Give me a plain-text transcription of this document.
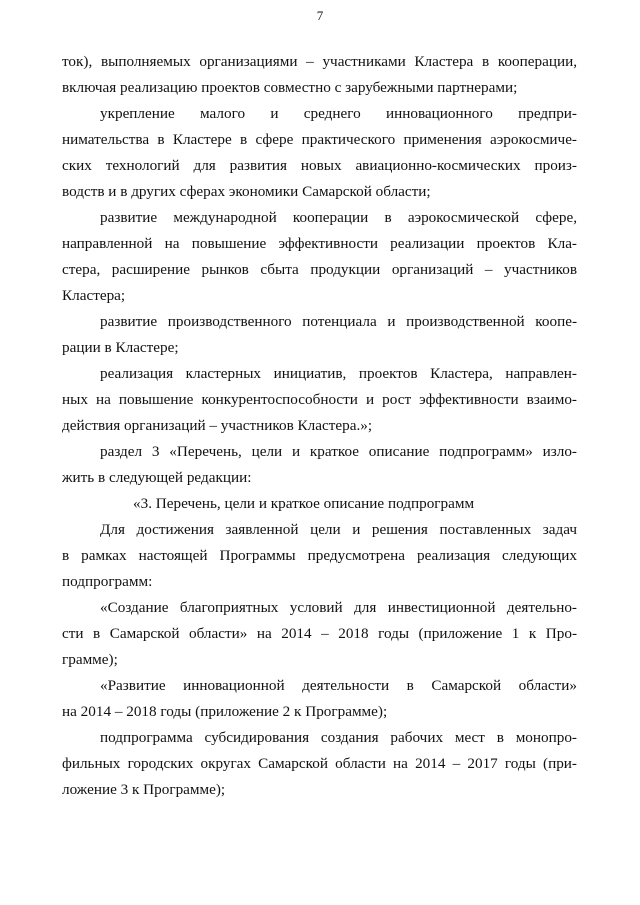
7

ток), выполняемых организациями – участниками Кластера в кооперации,
включая реализацию проектов совместно с зарубежными партнерами;

укрепление малого и среднего инновационного предпри-
нимательства в Кластере в сфере практического применения аэрокосмиче-
ских технологий для развития новых авиационно-космических произ-
водств и в других сферах экономики Самарской области;

развитие международной кооперации в аэрокосмической сфере,
направленной на повышение эффективности реализации проектов Кла-
стера, расширение рынков сбыта продукции организаций – участников
Кластера;

развитие производственного потенциала и производственной коопе-
рации в Кластере;

реализация кластерных инициатив, проектов Кластера, направлен-
ных на повышение конкурентоспособности и рост эффективности взаимо-
действия организаций – участников Кластера.»;

раздел 3 «Перечень, цели и краткое описание подпрограмм» изло-
жить в следующей редакции:

«3. Перечень, цели и краткое описание подпрограмм

Для достижения заявленной цели и решения поставленных задач
в рамках настоящей Программы предусмотрена реализация следующих
подпрограмм:

«Создание благоприятных условий для инвестиционной деятельно-
сти в Самарской области» на 2014 – 2018 годы (приложение 1 к Про-
грамме);

«Развитие инновационной деятельности в Самарской области»
на 2014 – 2018 годы (приложение 2 к Программе);

подпрограмма субсидирования создания рабочих мест в монопро-
фильных городских округах Самарской области на 2014 – 2017 годы (при-
ложение 3 к Программе);
